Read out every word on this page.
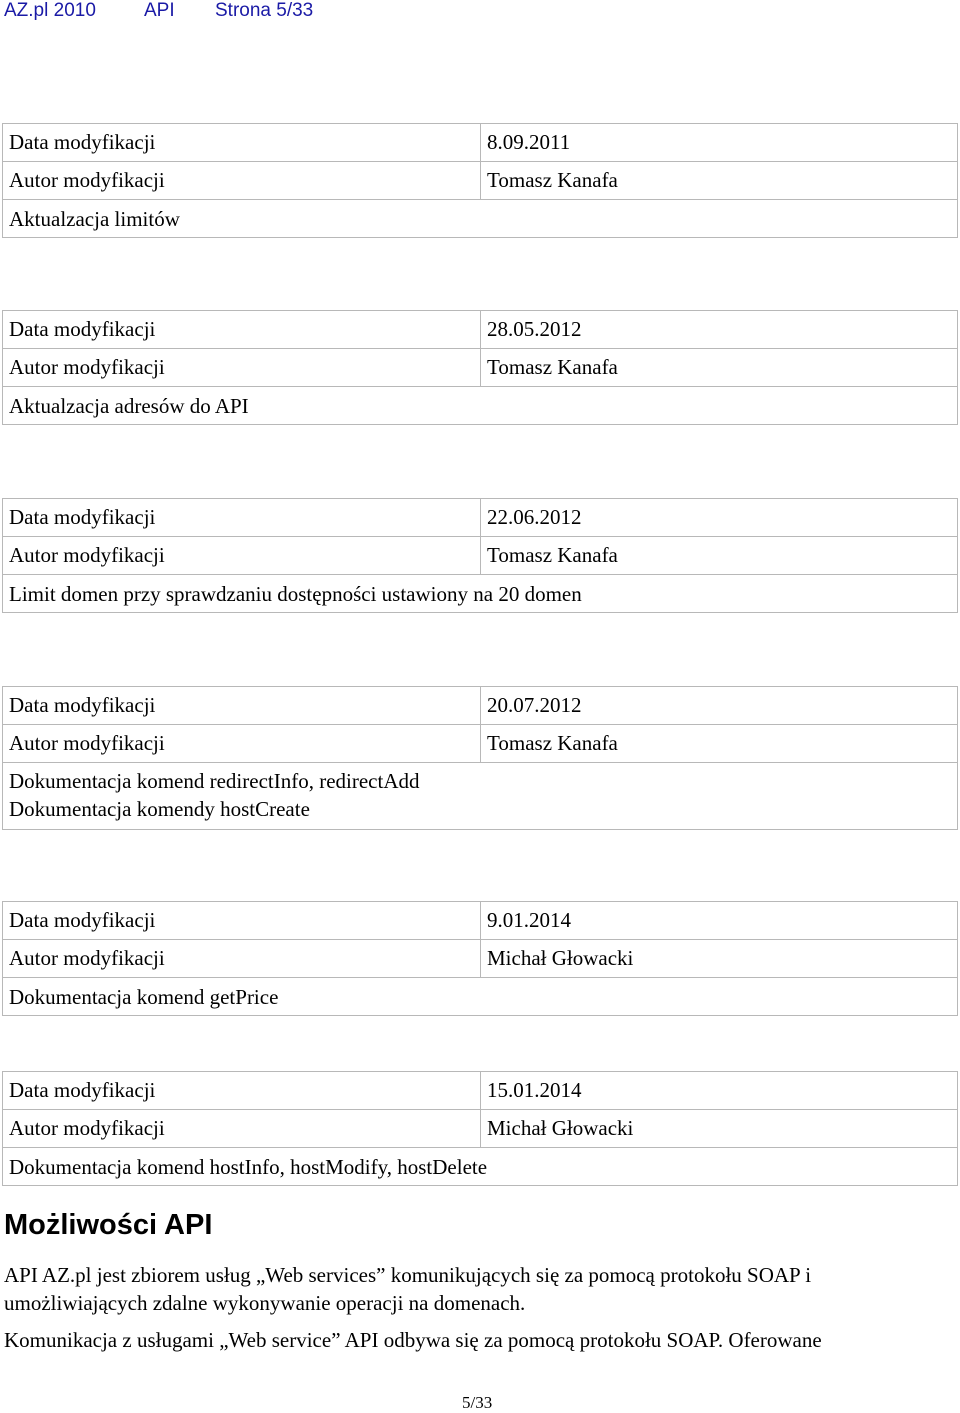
AZ.pl 2010	API Strona 5/33
Data modyfikacji	8.09.2011
Autor modyfikacji	Tomasz Kanafa
Aktualzacja limitów
Data modyfikacji	28.05.2012
Autor modyfikacji	Tomasz Kanafa
Aktualzacja adresów do API
Data modyfikacji	22.06.2012
Autor modyfikacji	Tomasz Kanafa
Limit domen przy sprawdzaniu dostępności ustawiony na 20 domen
Data modyfikacji	20.07.2012
Autor modyfikacji	Tomasz Kanafa
Dokumentacja komend redirectInfo, redirectAdd
Dokumentacja komendy hostCreate
Data modyfikacji	9.01.2014
Autor modyfikacji	Michał Głowacki
Dokumentacja komend getPrice
Data modyfikacji	15.01.2014
Autor modyfikacji	Michał Głowacki
Dokumentacja komend hostInfo, hostModify, hostDelete
Możliwości API

API AZ.pl jest zbiorem usług „Web services” komunikujących się za pomocą protokołu SOAP i
umożliwiających zdalne wykonywanie operacji na domenach.

Komunikacja z usługami „Web service” API odbywa się za pomocą protokołu SOAP. Oferowane

5/33
